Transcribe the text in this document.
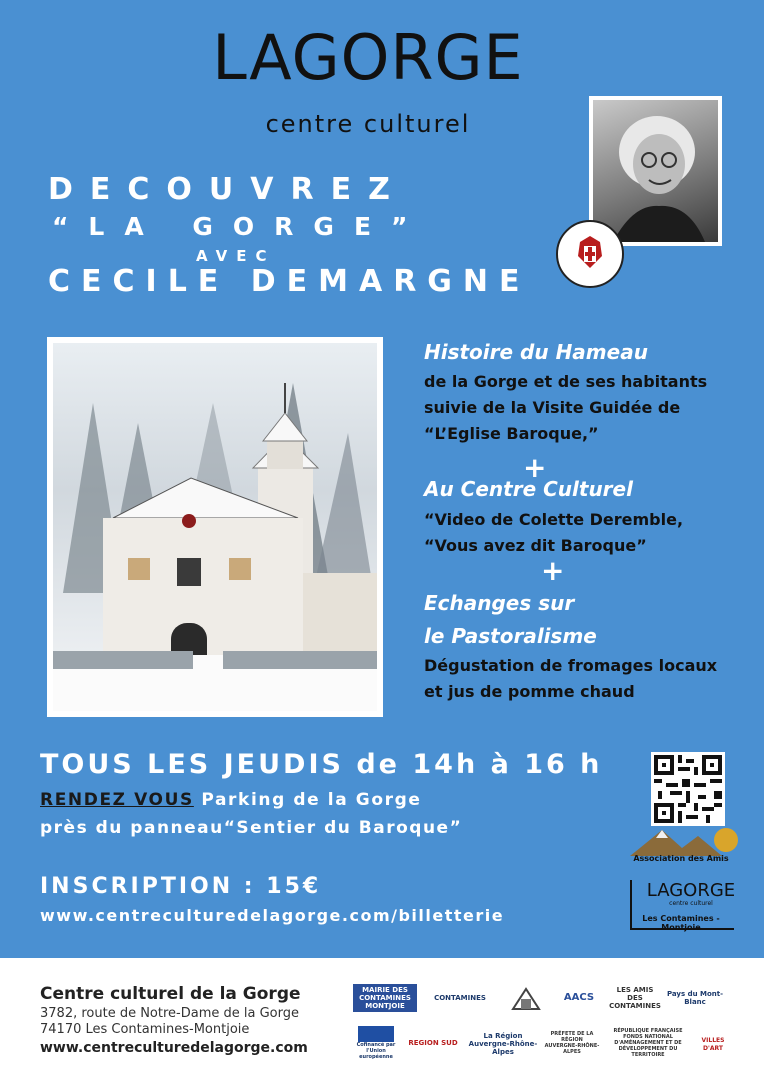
LAGORGE
centre culturel
DECOUVREZ
“LA GORGE”
AVEC
CECILE DEMARGNE
Histoire du Hameau
de la Gorge et de ses habitants
suivie de la Visite Guidée de
“L’Eglise Baroque,”
+
Au Centre Culturel
“Video de Colette Deremble,
“Vous avez dit Baroque”
+
Echanges sur
le Pastoralisme
Dégustation de fromages locaux
et jus de pomme chaud
TOUS LES JEUDIS de 14h à 16 h
RENDEZ VOUS Parking de la Gorge
près du panneau“Sentier du Baroque”
INSCRIPTION : 15€
www.centreculturedelagorge.com/billetterie
Association des Amis
LAGORGE
centre culturel
Les Contamines - Montjoie
Centre culturel de la Gorge
3782, route de Notre-Dame de la Gorge
74170 Les Contamines-Montjoie
www.centreculturedelagorge.com
MAIRIE DES CONTAMINES MONTJOIE
CONTAMINES	AACS
LES AMIS DES CONTAMINES
Pays du Mont-Blanc
Cofinancé par l'Union européenne
REGION SUD
La Région Auvergne-Rhône-Alpes
PRÉFETE DE LA RÉGION AUVERGNE-RHÔNE-ALPES
RÉPUBLIQUE FRANÇAISE FONDS NATIONAL D'AMÉNAGEMENT ET DE DÉVELOPPEMENT DU TERRITOIRE
VILLES D'ART
